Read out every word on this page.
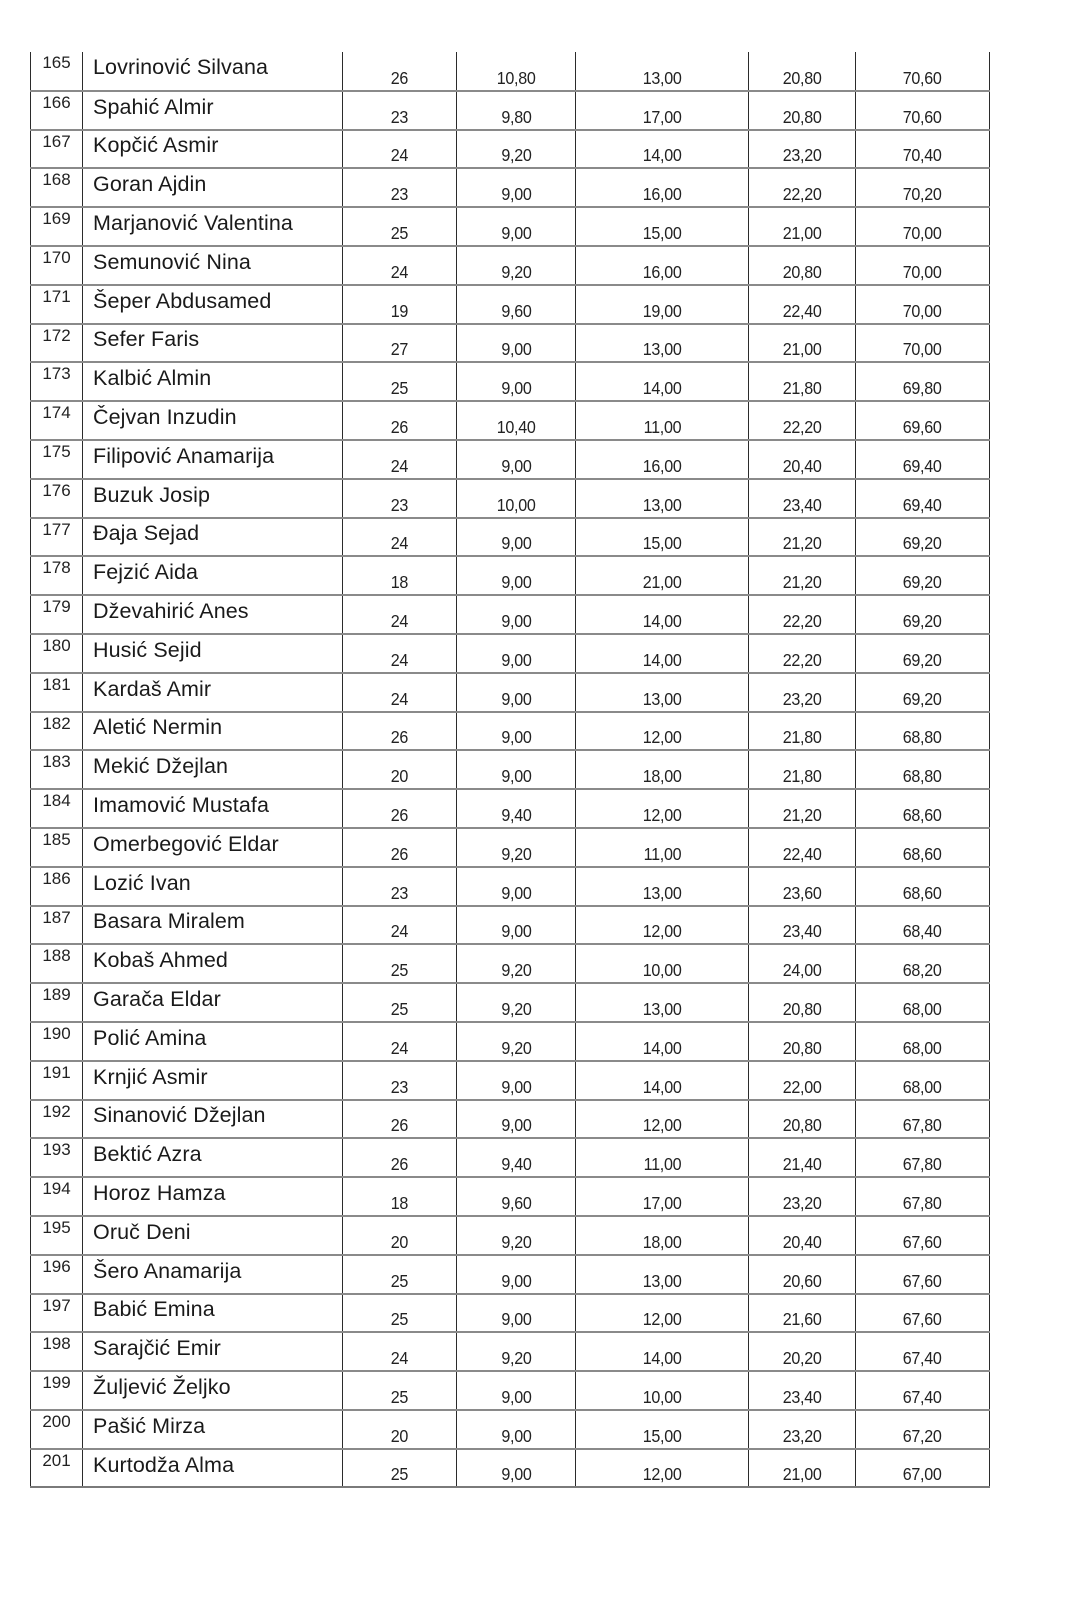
165	Lovrinović Silvana	26	10,80	13,00	20,80	70,60
166	Spahić Almir	23	9,80	17,00	20,80	70,60
167	Kopčić Asmir	24	9,20	14,00	23,20	70,40
168	Goran Ajdin	23	9,00	16,00	22,20	70,20
169	Marjanović Valentina	25	9,00	15,00	21,00	70,00
170	Semunović Nina	24	9,20	16,00	20,80	70,00
171	Šeper Abdusamed	19	9,60	19,00	22,40	70,00
172	Sefer Faris	27	9,00	13,00	21,00	70,00
173	Kalbić Almin	25	9,00	14,00	21,80	69,80
174	Čejvan Inzudin	26	10,40	11,00	22,20	69,60
175	Filipović Anamarija	24	9,00	16,00	20,40	69,40
176	Buzuk Josip	23	10,00	13,00	23,40	69,40
177	Đaja Sejad	24	9,00	15,00	21,20	69,20
178	Fejzić Aida	18	9,00	21,00	21,20	69,20
179	Dževahirić Anes	24	9,00	14,00	22,20	69,20
180	Husić Sejid	24	9,00	14,00	22,20	69,20
181	Kardaš Amir	24	9,00	13,00	23,20	69,20
182	Aletić Nermin	26	9,00	12,00	21,80	68,80
183	Mekić Džejlan	20	9,00	18,00	21,80	68,80
184	Imamović Mustafa	26	9,40	12,00	21,20	68,60
185	Omerbegović Eldar	26	9,20	11,00	22,40	68,60
186	Lozić Ivan	23	9,00	13,00	23,60	68,60
187	Basara Miralem	24	9,00	12,00	23,40	68,40
188	Kobaš Ahmed	25	9,20	10,00	24,00	68,20
189	Garača Eldar	25	9,20	13,00	20,80	68,00
190	Polić Amina	24	9,20	14,00	20,80	68,00
191	Krnjić Asmir	23	9,00	14,00	22,00	68,00
192	Sinanović Džejlan	26	9,00	12,00	20,80	67,80
193	Bektić Azra	26	9,40	11,00	21,40	67,80
194	Horoz Hamza	18	9,60	17,00	23,20	67,80
195	Oruč Deni	20	9,20	18,00	20,40	67,60
196	Šero Anamarija	25	9,00	13,00	20,60	67,60
197	Babić Emina	25	9,00	12,00	21,60	67,60
198	Sarajčić Emir	24	9,20	14,00	20,20	67,40
199	Žuljević Željko	25	9,00	10,00	23,40	67,40
200	Pašić Mirza	20	9,00	15,00	23,20	67,20
201	Kurtodža Alma	25	9,00	12,00	21,00	67,00
